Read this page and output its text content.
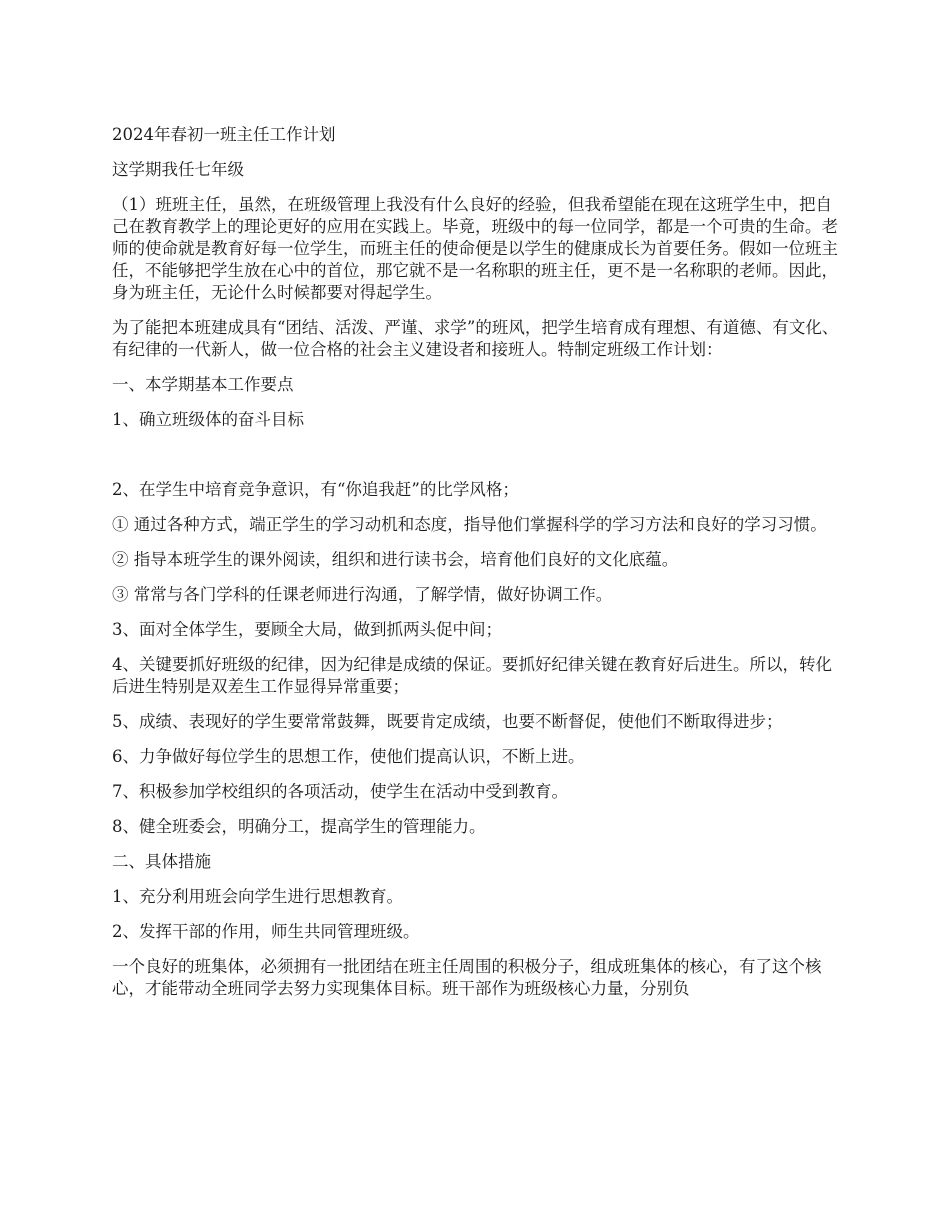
2024年春初一班主任工作计划

这学期我任七年级

（1）班班主任，虽然，在班级管理上我没有什么良好的经验，但我希望能在现在这班学生中，把自己在教育教学上的理论更好的应用在实践上。毕竟，班级中的每一位同学，都是一个可贵的生命。老师的使命就是教育好每一位学生，而班主任的使命便是以学生的健康成长为首要任务。假如一位班主任，不能够把学生放在心中的首位，那它就不是一名称职的班主任，更不是一名称职的老师。因此，身为班主任，无论什么时候都要对得起学生。

为了能把本班建成具有“团结、活泼、严谨、求学”的班风，把学生培育成有理想、有道德、有文化、有纪律的一代新人，做一位合格的社会主义建设者和接班人。特制定班级工作计划：

一、本学期基本工作要点

1、确立班级体的奋斗目标

2、在学生中培育竞争意识，有“你追我赶”的比学风格；

① 通过各种方式，端正学生的学习动机和态度，指导他们掌握科学的学习方法和良好的学习习惯。

② 指导本班学生的课外阅读，组织和进行读书会，培育他们良好的文化底蕴。

③ 常常与各门学科的任课老师进行沟通，了解学情，做好协调工作。

3、面对全体学生，要顾全大局，做到抓两头促中间；

4、关键要抓好班级的纪律，因为纪律是成绩的保证。要抓好纪律关键在教育好后进生。所以，转化后进生特别是双差生工作显得异常重要；

5、成绩、表现好的学生要常常鼓舞，既要肯定成绩，也要不断督促，使他们不断取得进步；

6、力争做好每位学生的思想工作，使他们提高认识，不断上进。

7、积极参加学校组织的各项活动，使学生在活动中受到教育。

8、健全班委会，明确分工，提高学生的管理能力。

二、具体措施

1、充分利用班会向学生进行思想教育。

2、发挥干部的作用，师生共同管理班级。

一个良好的班集体，必须拥有一批团结在班主任周围的积极分子，组成班集体的核心，有了这个核心，才能带动全班同学去努力实现集体目标。班干部作为班级核心力量，分别负
